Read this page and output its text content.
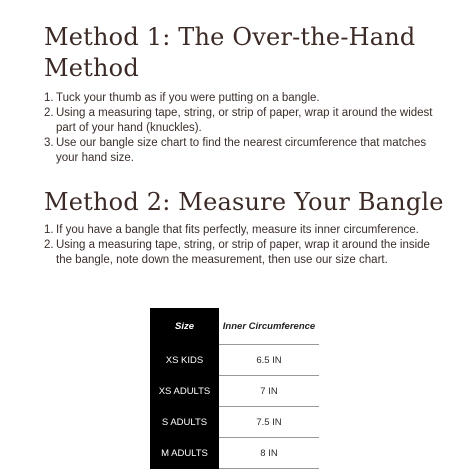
Method 1: The Over-the-Hand Method
1. Tuck your thumb as if you were putting on a bangle.
2. Using a measuring tape, string, or strip of paper, wrap it around the widest part of your hand (knuckles).
3. Use our bangle size chart to find the nearest circumference that matches your hand size.
Method 2: Measure Your Bangle
1. If you have a bangle that fits perfectly, measure its inner circumference.
2. Using a measuring tape, string, or strip of paper, wrap it around the inside the bangle, note down the measurement, then use our size chart.
Size	Inner Circumference
XS KIDS	6.5 IN
XS ADULTS	7 IN
S ADULTS	7.5 IN
M ADULTS	8 IN
